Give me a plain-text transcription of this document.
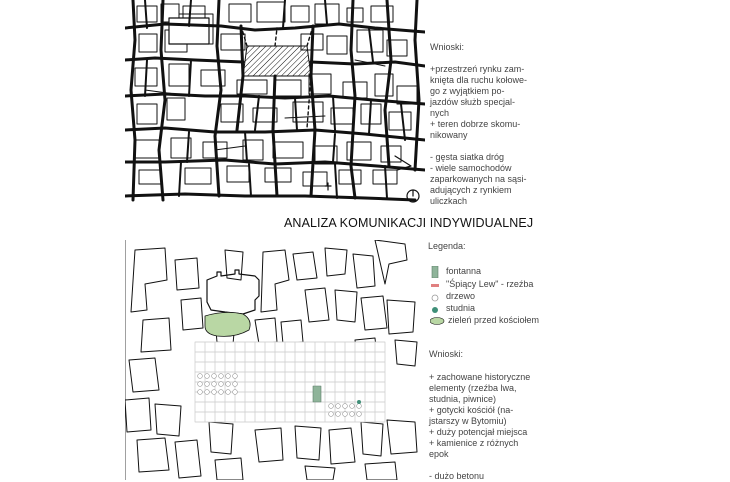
Wnioski:

+przestrzeń rynku zam-

knięta dla ruchu kołowe-

go z wyjątkiem po-

jazdów służb specjal-

nych

+ teren dobrze skomu-

nikowany

- gęsta siatka dróg

- wiele samochodów

zaparkowanych na sąsi-

adujących z rynkiem

uliczkach

ANALIZA KOMUNIKACJI INDYWIDUALNEJ
Legenda:
fontanna
"Śpiący Lew" - rzeźba
drzewo
studnia
zieleń przed kościołem

Wnioski:

+ zachowane historyczne

elementy (rzeźba lwa,

studnia, piwnice)

+ gotycki kościół (na-

jstarszy w Bytomiu)

+ duży potencjał miejsca

+ kamienice z różnych

epok

- dużo betonu
